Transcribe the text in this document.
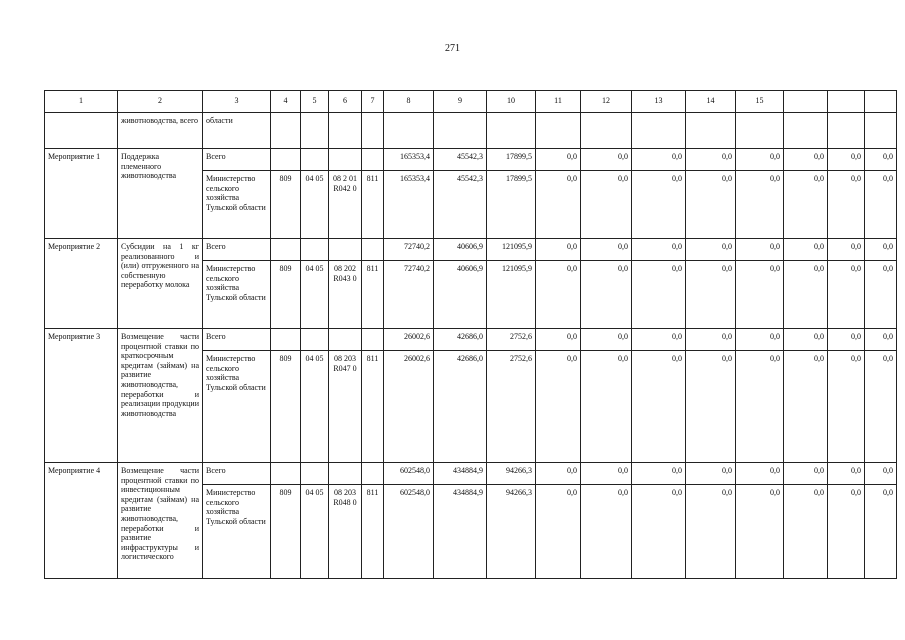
271
1	2	3	4	5	6	7	8	9	10	11	12	13	14	15			
	животноводства, всего	области															
Мероприятие 1	Поддержка племенного животноводства	Всего					165353,4	45542,3	17899,5	0,0	0,0	0,0	0,0	0,0	0,0	0,0	0,0
		Министерство сельского хозяйства Тульской области	809	04 05	08 2 01 R042 0	811	165353,4	45542,3	17899,5	0,0	0,0	0,0	0,0	0,0	0,0	0,0	0,0
Мероприятие 2	Субсидии на 1 кг реализованного и (или) отгруженного на собственную переработку молока	Всего					72740,2	40606,9	121095,9	0,0	0,0	0,0	0,0	0,0	0,0	0,0	0,0
		Министерство сельского хозяйства Тульской области	809	04 05	08 202 R043 0	811	72740,2	40606,9	121095,9	0,0	0,0	0,0	0,0	0,0	0,0	0,0	0,0
Мероприятие 3	Возмещение части процентной ставки по краткосрочным кредитам (займам) на развитие животноводства, переработки и реализации продукции животноводства	Всего					26002,6	42686,0	2752,6	0,0	0,0	0,0	0,0	0,0	0,0	0,0	0,0
		Министерство сельского хозяйства Тульской области	809	04 05	08 203 R047 0	811	26002,6	42686,0	2752,6	0,0	0,0	0,0	0,0	0,0	0,0	0,0	0,0
Мероприятие 4	Возмещение части процентной ставки по инвестиционным кредитам (займам) на развитие животноводства, переработки и развитие инфраструктуры и логистического	Всего					602548,0	434884,9	94266,3	0,0	0,0	0,0	0,0	0,0	0,0	0,0	0,0
		Министерство сельского хозяйства Тульской области	809	04 05	08 203 R048 0	811	602548,0	434884,9	94266,3	0,0	0,0	0,0	0,0	0,0	0,0	0,0	0,0
